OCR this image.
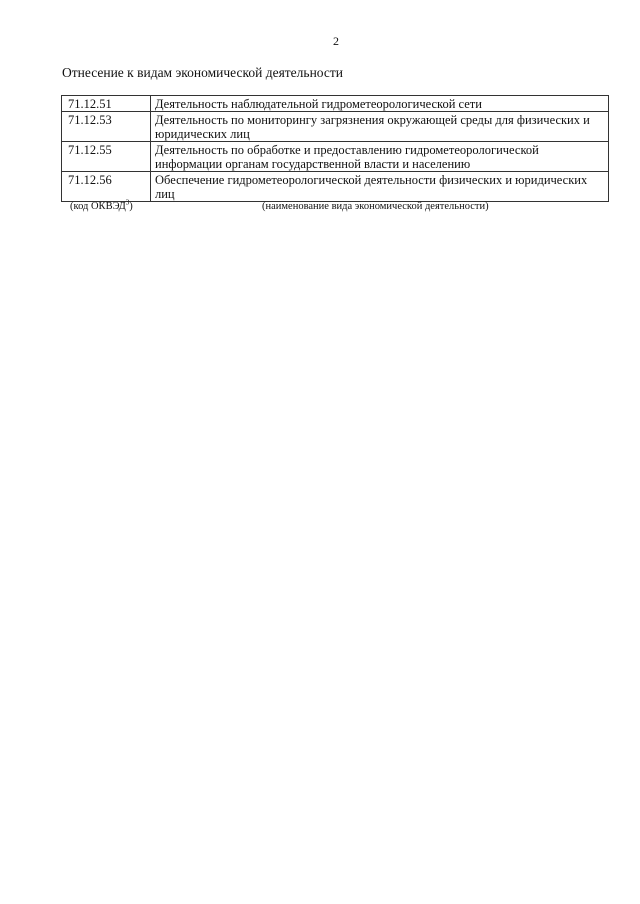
2
Отнесение к видам экономической деятельности
71.12.51	Деятельность наблюдательной гидрометеорологической сети
71.12.53	Деятельность по мониторингу загрязнения окружающей среды для физических и юридических лиц
71.12.55	Деятельность по обработке и предоставлению гидрометеорологической информации органам государственной власти и населению
71.12.56	Обеспечение гидрометеорологической деятельности физических и юридических лиц
(код ОКВЭД$^3$)	(наименование вида экономической деятельности)
